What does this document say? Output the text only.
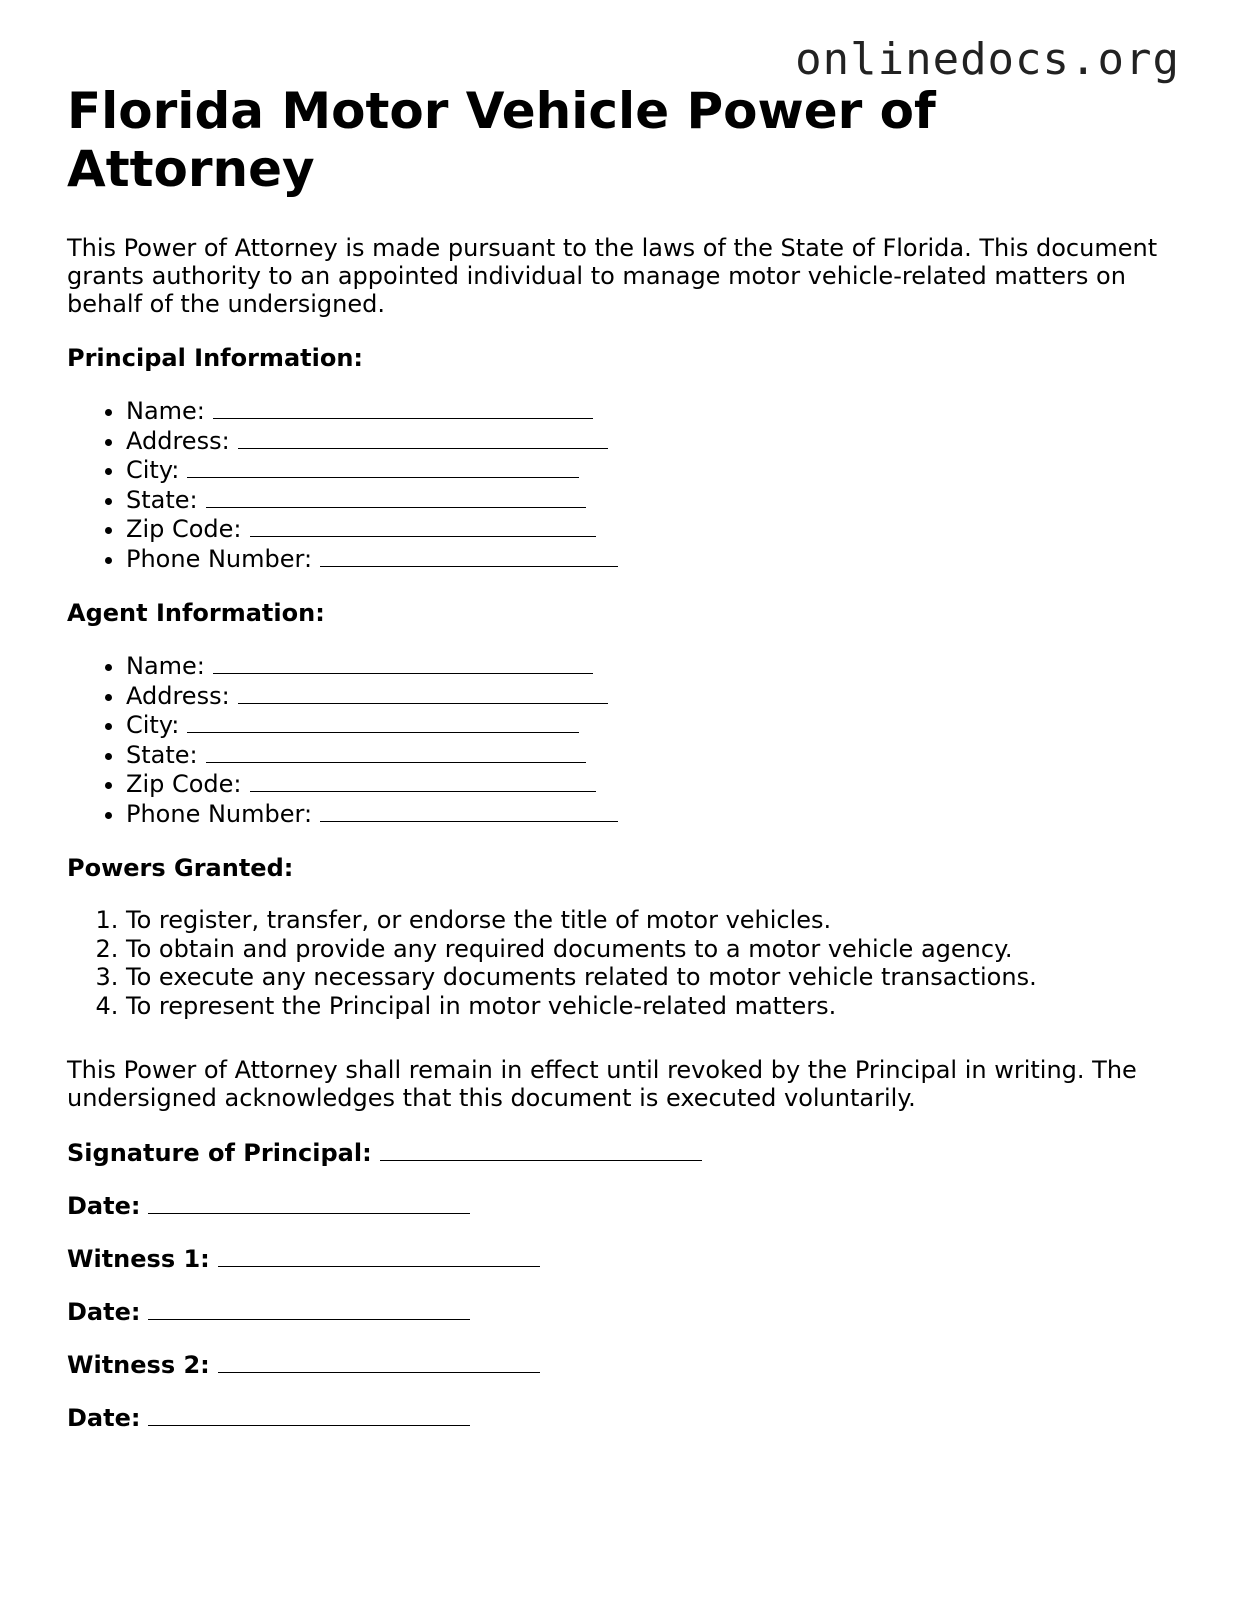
onlinedocs.org
Florida Motor Vehicle Power of Attorney

This Power of Attorney is made pursuant to the laws of the State of Florida. This document grants authority to an appointed individual to manage motor vehicle-related matters on behalf of the undersigned.

Principal Information:
• Name:
• Address:
• City:
• State:
• Zip Code:
• Phone Number:
Agent Information:
• Name:
• Address:
• City:
• State:
• Zip Code:
• Phone Number:
Powers Granted:
1. To register, transfer, or endorse the title of motor vehicles.
2. To obtain and provide any required documents to a motor vehicle agency.
3. To execute any necessary documents related to motor vehicle transactions.
4. To represent the Principal in motor vehicle-related matters.

This Power of Attorney shall remain in effect until revoked by the Principal in writing. The undersigned acknowledges that this document is executed voluntarily.

Signature of Principal:
Date:
Witness 1:
Date:
Witness 2:
Date:
